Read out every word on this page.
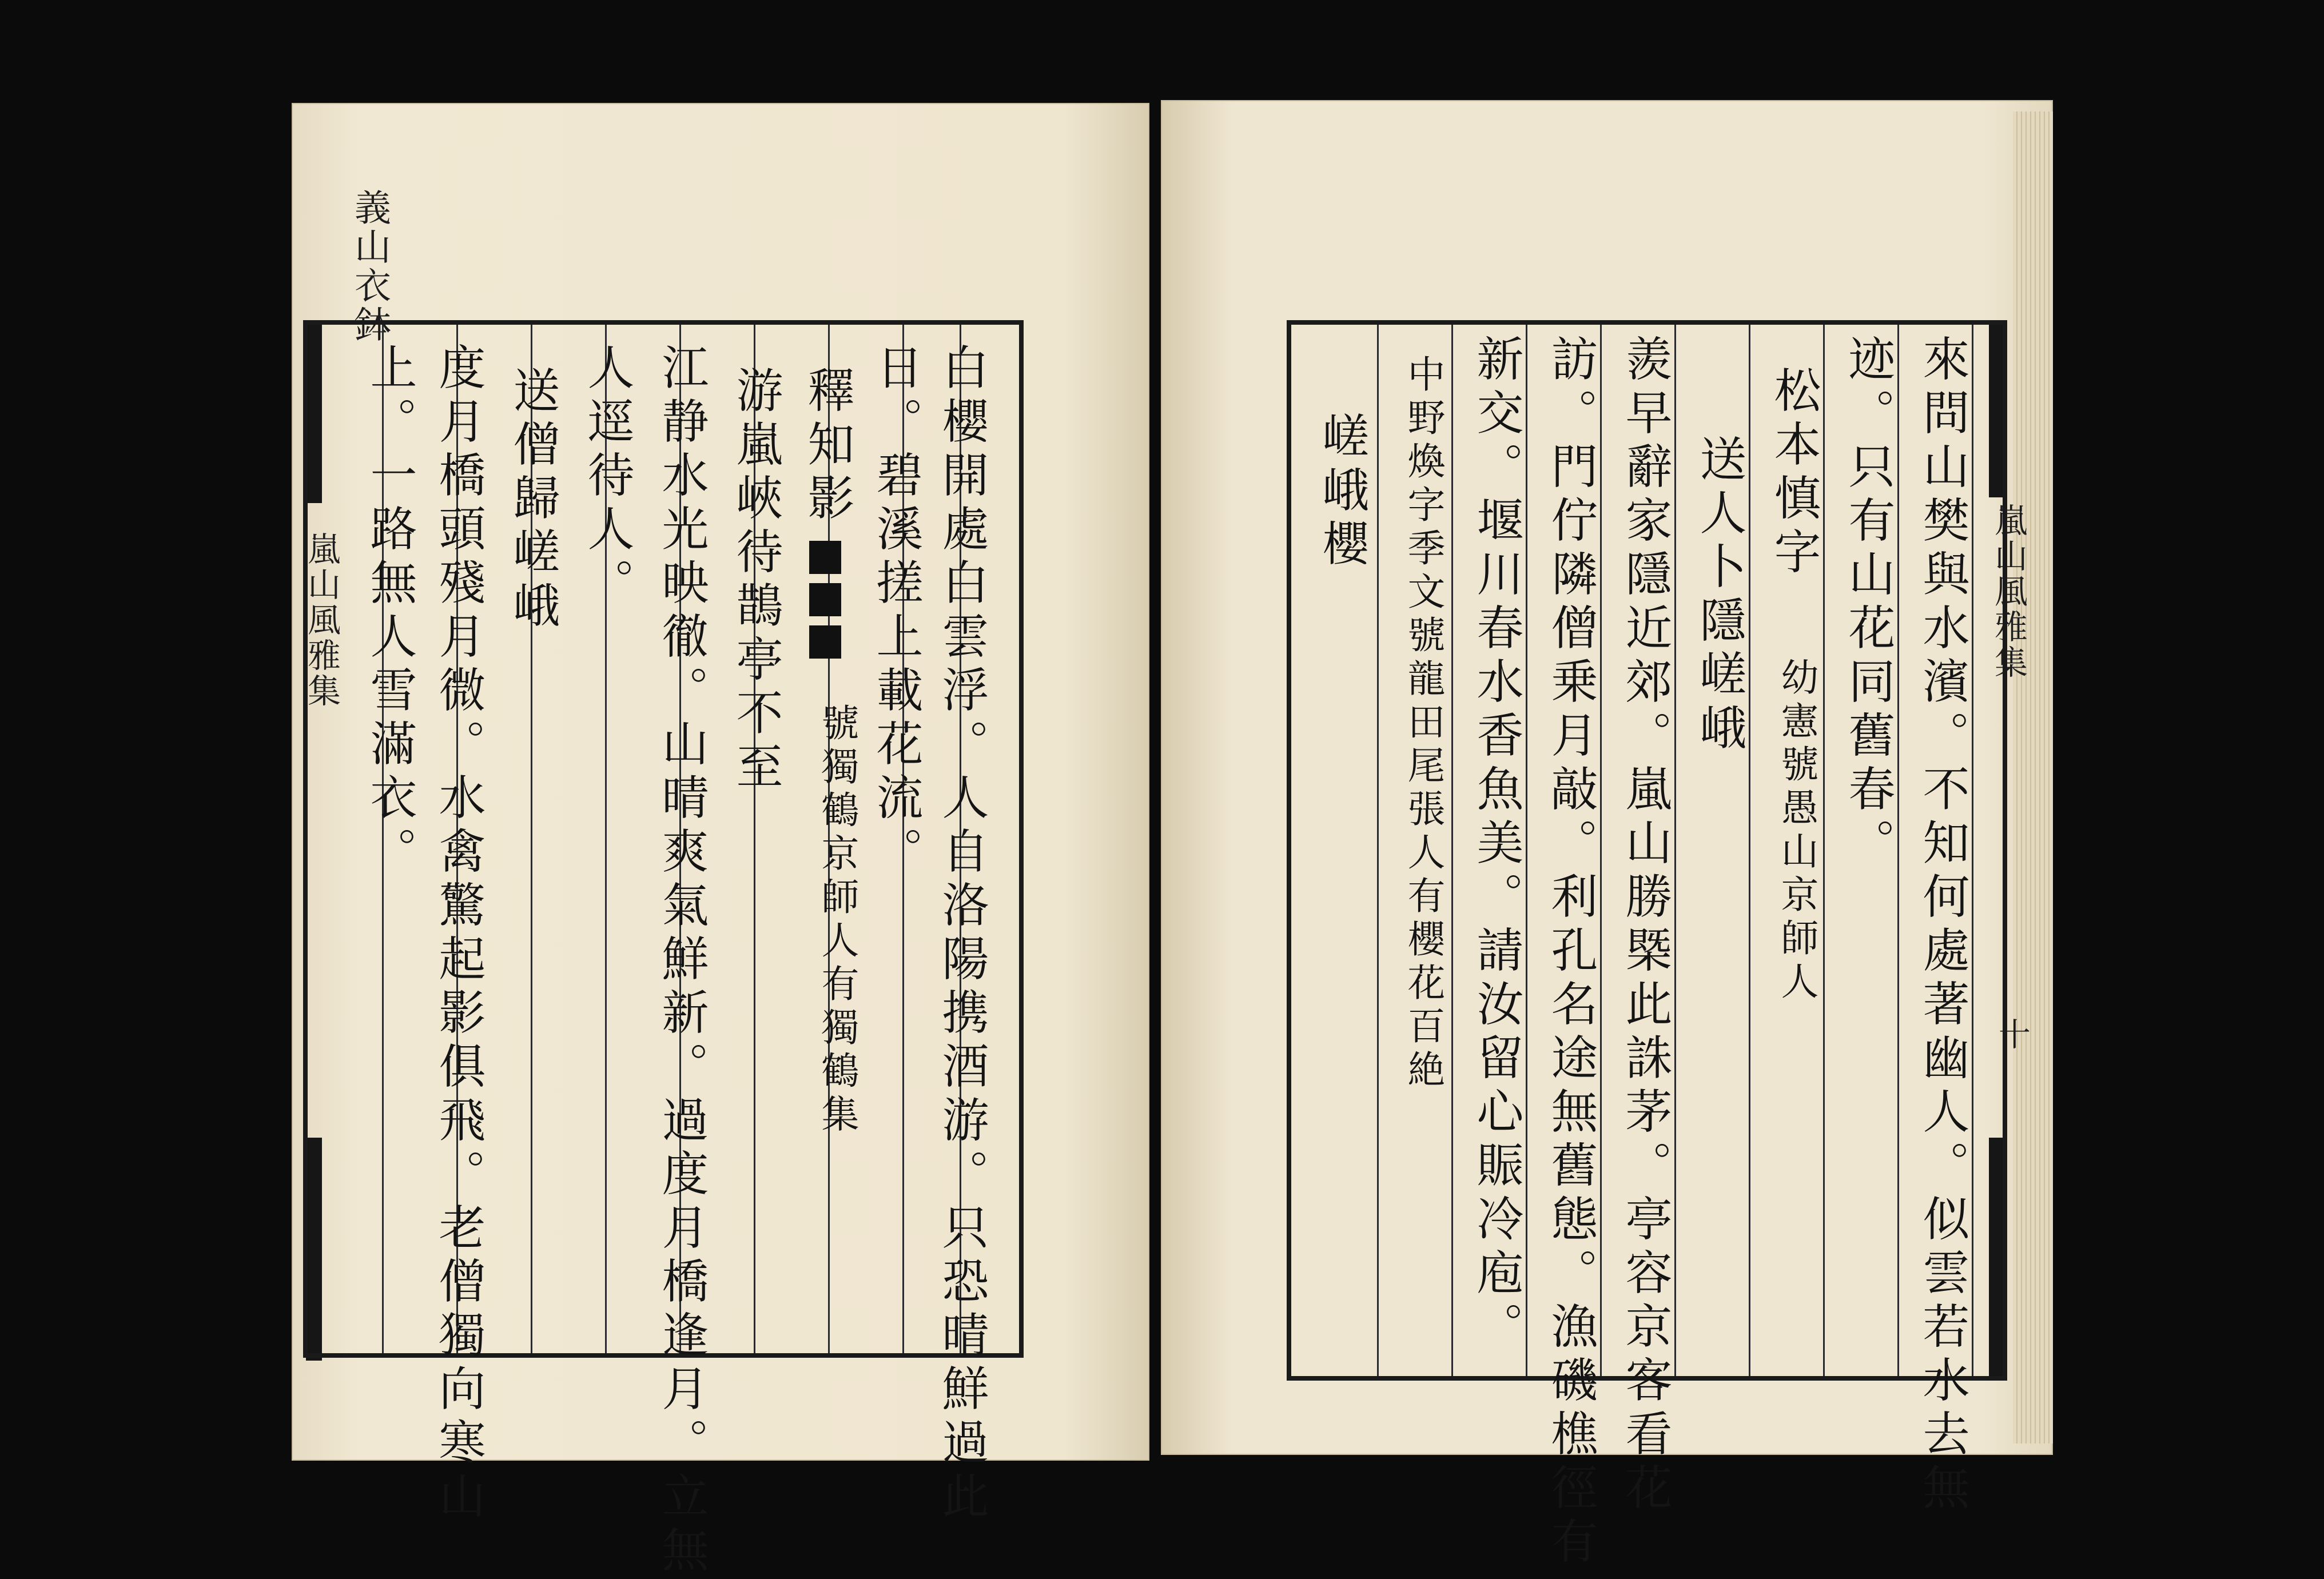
義山衣鉢
嵐山風雅集	白櫻開處白雲浮。人自洛陽携酒游。只恐晴鮮過此
日。碧溪搓上載花流。
釋知影

號獨鶴京師人有獨鶴集
游嵐峽待鵲亭不至
江静水光映徹。山晴爽氣鮮新。過度月橋逢月。立無
人逕待人。
送僧歸嵯峨
度月橋頭殘月微。水禽驚起影俱飛。老僧獨向寒山
上。一路無人雪滿衣。	嵐山風雅集
十
來問山樊與水濱。不知何處著幽人。似雲若水去無
迹。只有山花同舊春。
松本慎字
幼憲號愚山京師人
送人卜隱嵯峨
羨早辭家隱近郊。嵐山勝槩此誅茅。亭容京客看花
訪。門佇隣僧乗月敲。利孔名途無舊態。漁磯樵徑有
新交。堰川春水香魚美。請汝留心賑冷庖。
中野煥字季文號龍田尾張人有櫻花百絶
嵯峨櫻
